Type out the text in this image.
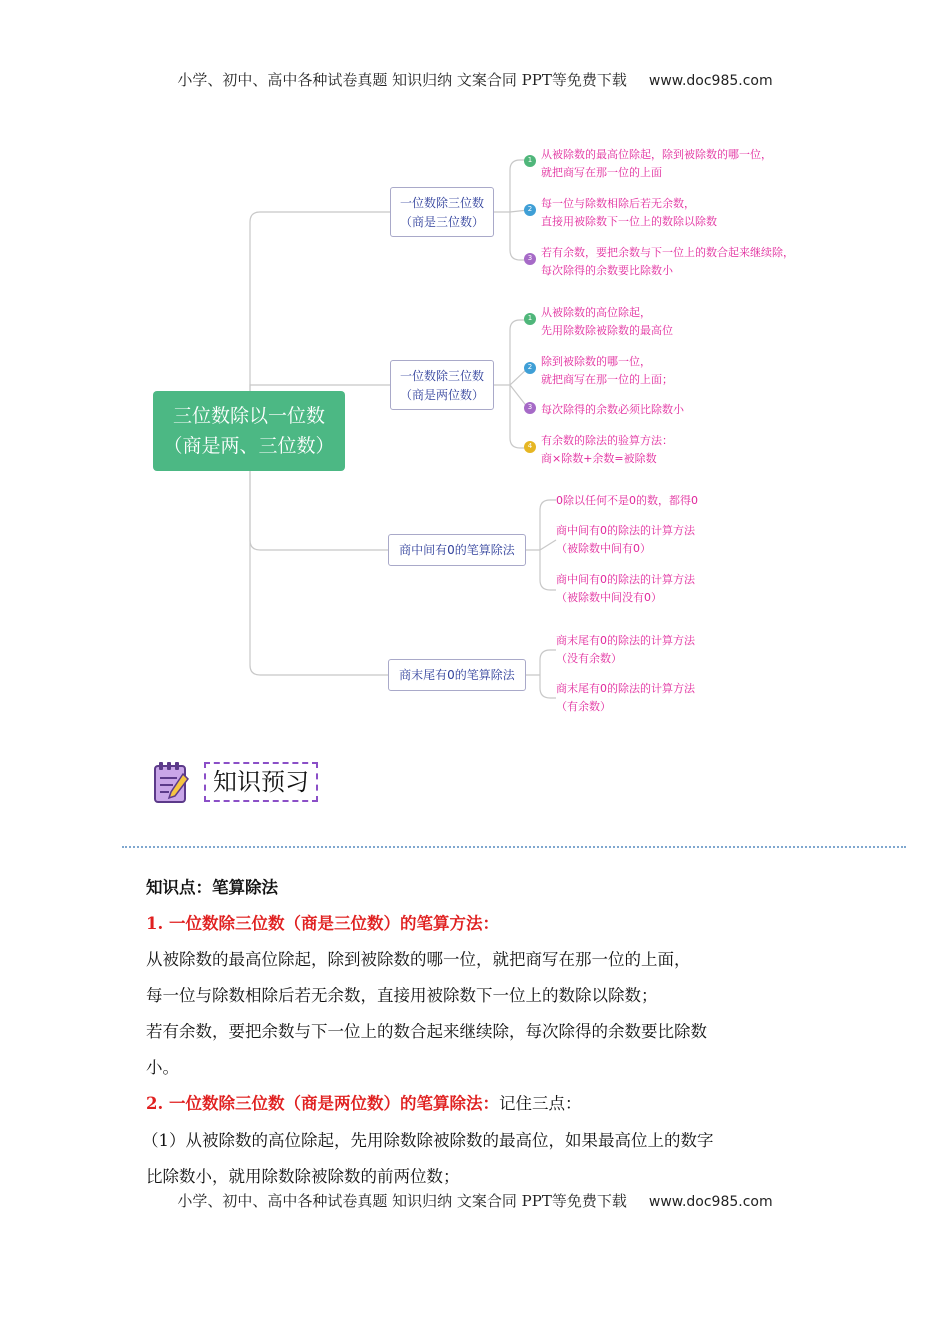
小学、初中、高中各种试卷真题 知识归纳 文案合同 PPT等免费下载 www.doc985.com
三位数除以一位数
（商是两、三位数）
一位数除三位数
（商是三位数）
1 从被除数的最高位除起，除到被除数的哪一位，
就把商写在那一位的上面
2 每一位与除数相除后若无余数，
直接用被除数下一位上的数除以除数
3 若有余数，要把余数与下一位上的数合起来继续除，
每次除得的余数要比除数小
一位数除三位数
（商是两位数）
1 从被除数的高位除起，
先用除数除被除数的最高位
2 除到被除数的哪一位，
就把商写在那一位的上面；
3 每次除得的余数必须比除数小
4 有余数的除法的验算方法：
商×除数+余数=被除数
商中间有0的笔算除法
0除以任何不是0的数，都得0
商中间有0的除法的计算方法
（被除数中间有0）
商中间有0的除法的计算方法
（被除数中间没有0）
商末尾有0的笔算除法
商末尾有0的除法的计算方法
（没有余数）
商末尾有0的除法的计算方法
（有余数）
知识预习
知识点：笔算除法
1. 一位数除三位数（商是三位数）的笔算方法：
从被除数的最高位除起，除到被除数的哪一位，就把商写在那一位的上面，
每一位与除数相除后若无余数，直接用被除数下一位上的数除以除数；
若有余数，要把余数与下一位上的数合起来继续除，每次除得的余数要比除数
小。
2. 一位数除三位数（商是两位数）的笔算除法：记住三点：
（1）从被除数的高位除起，先用除数除被除数的最高位，如果最高位上的数字
比除数小，就用除数除被除数的前两位数；
小学、初中、高中各种试卷真题 知识归纳 文案合同 PPT等免费下载 www.doc985.com
